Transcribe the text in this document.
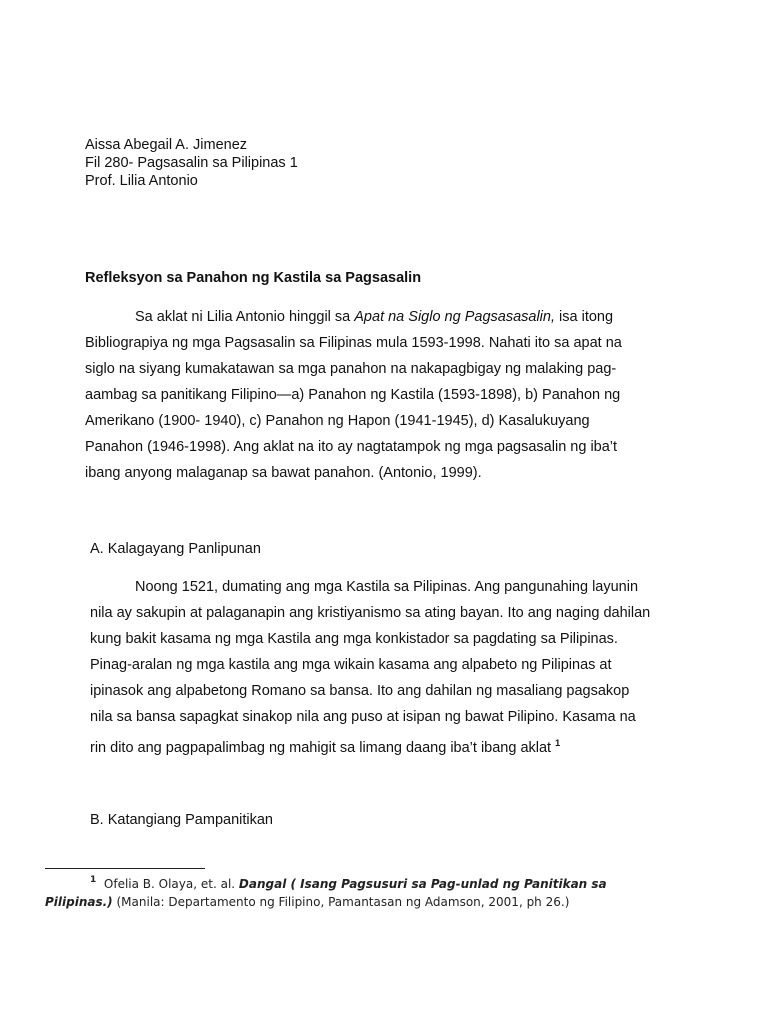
Aissa Abegail A. Jimenez
Fil 280- Pagsasalin sa Pilipinas 1
Prof. Lilia Antonio
Refleksyon sa Panahon ng Kastila sa Pagsasalin
Sa aklat ni Lilia Antonio hinggil sa Apat na Siglo ng Pagsasasalin, isa itong
Bibliograpiya ng mga Pagsasalin sa Filipinas mula 1593-1998. Nahati ito sa apat na
siglo na siyang kumakatawan sa mga panahon na nakapagbigay ng malaking pag-
aambag sa panitikang Filipino—a) Panahon ng Kastila (1593-1898), b) Panahon ng
Amerikano (1900- 1940), c) Panahon ng Hapon (1941-1945), d) Kasalukuyang
Panahon (1946-1998). Ang aklat na ito ay nagtatampok ng mga pagsasalin ng iba’t
ibang anyong malaganap sa bawat panahon. (Antonio, 1999).
A. Kalagayang Panlipunan
Noong 1521, dumating ang mga Kastila sa Pilipinas. Ang pangunahing layunin
nila ay sakupin at palaganapin ang kristiyanismo sa ating bayan. Ito ang naging dahilan
kung bakit kasama ng mga Kastila ang mga konkistador sa pagdating sa Pilipinas.
Pinag-aralan ng mga kastila ang mga wikain kasama ang alpabeto ng Pilipinas at
ipinasok ang alpabetong Romano sa bansa. Ito ang dahilan ng masaliang pagsakop
nila sa bansa sapagkat sinakop nila ang puso at isipan ng bawat Pilipino. Kasama na
rin dito ang pagpapalimbag ng mahigit sa limang daang iba’t ibang aklat $^1$
B. Katangiang Pampanitikan
$^1$ Ofelia B. Olaya, et. al. Dangal ( Isang Pagsusuri sa Pag-unlad ng Panitikan sa
Pilipinas.) (Manila: Departamento ng Filipino, Pamantasan ng Adamson, 2001, ph 26.)
